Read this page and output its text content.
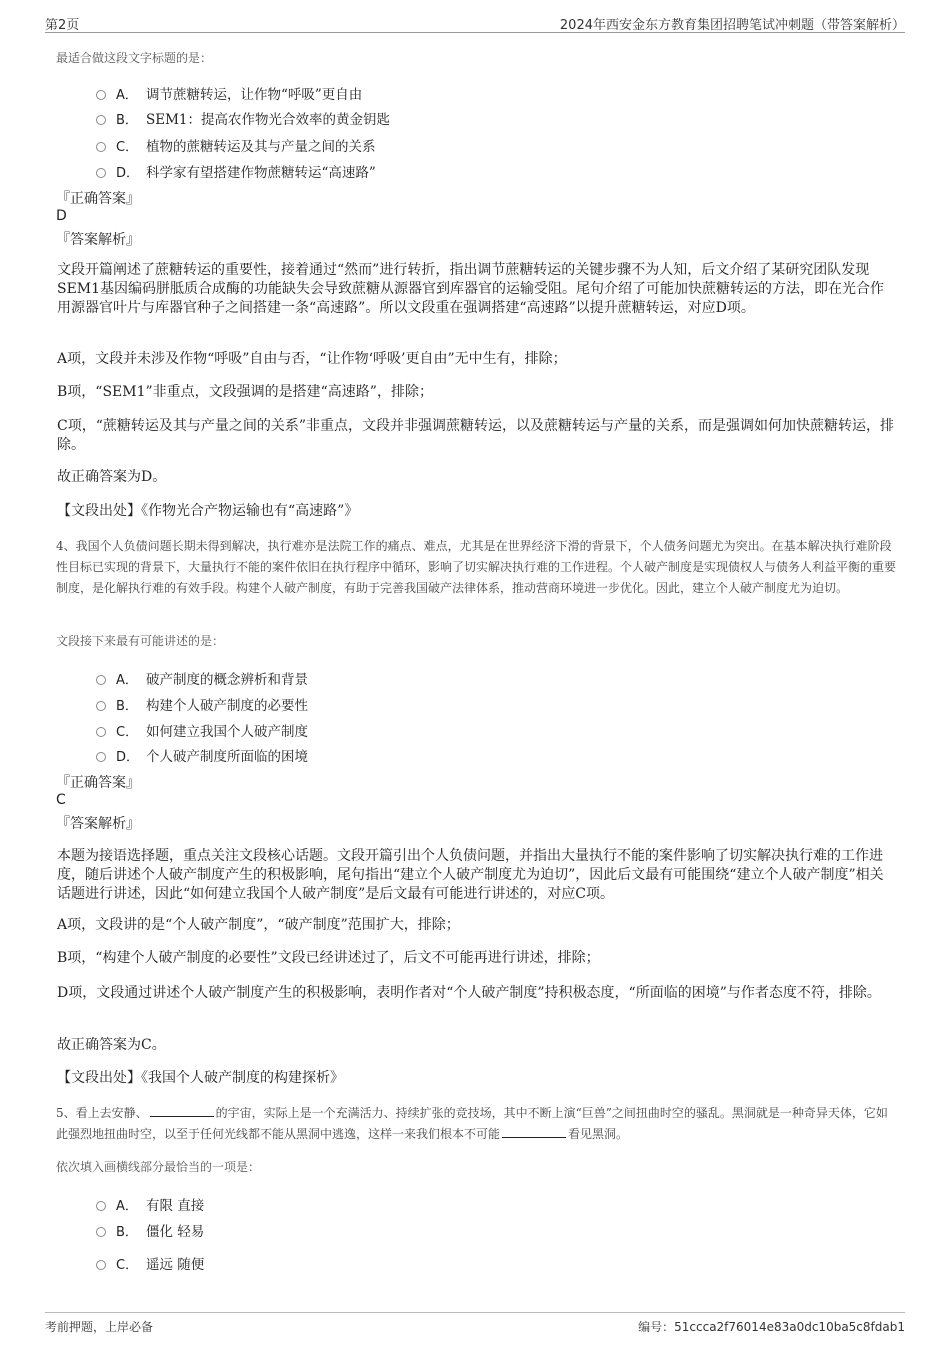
第2页	2024年西安金东方教育集团招聘笔试冲刺题（带答案解析）
最适合做这段文字标题的是：
A． 调节蔗糖转运，让作物“呼吸”更自由
B． SEM1：提高农作物光合效率的黄金钥匙
C． 植物的蔗糖转运及其与产量之间的关系
D． 科学家有望搭建作物蔗糖转运“高速路”
『正确答案』
D
『答案解析』
文段开篇阐述了蔗糖转运的重要性，接着通过“然而”进行转折，指出调节蔗糖转运的关键步骤不为人知，后文介绍了某研究团队发现SEM1基因编码胼胝质合成酶的功能缺失会导致蔗糖从源器官到库器官的运输受阻。尾句介绍了可能加快蔗糖转运的方法，即在光合作用源器官叶片与库器官种子之间搭建一条“高速路”。所以文段重在强调搭建“高速路”以提升蔗糖转运，对应D项。
A项，文段并未涉及作物“呼吸”自由与否，“让作物‘呼吸’更自由”无中生有，排除；
B项，“SEM1”非重点，文段强调的是搭建“高速路”，排除；
C项，“蔗糖转运及其与产量之间的关系”非重点，文段并非强调蔗糖转运，以及蔗糖转运与产量的关系，而是强调如何加快蔗糖转运，排除。
故正确答案为D。
【文段出处】《作物光合产物运输也有“高速路”》
4、我国个人负债问题长期未得到解决，执行难亦是法院工作的痛点、难点，尤其是在世界经济下滑的背景下，个人债务问题尤为突出。在基本解决执行难阶段性目标已实现的背景下，大量执行不能的案件依旧在执行程序中循环，影响了切实解决执行难的工作进程。个人破产制度是实现债权人与债务人利益平衡的重要制度，是化解执行难的有效手段。构建个人破产制度，有助于完善我国破产法律体系，推动营商环境进一步优化。因此，建立个人破产制度尤为迫切。
文段接下来最有可能讲述的是：
A． 破产制度的概念辨析和背景
B． 构建个人破产制度的必要性
C． 如何建立我国个人破产制度
D． 个人破产制度所面临的困境
『正确答案』
C
『答案解析』
本题为接语选择题，重点关注文段核心话题。文段开篇引出个人负债问题，并指出大量执行不能的案件影响了切实解决执行难的工作进度，随后讲述个人破产制度产生的积极影响，尾句指出“建立个人破产制度尤为迫切”，因此后文最有可能围绕“建立个人破产制度”相关话题进行讲述，因此“如何建立我国个人破产制度”是后文最有可能进行讲述的，对应C项。
A项，文段讲的是“个人破产制度”，“破产制度”范围扩大，排除；
B项，“构建个人破产制度的必要性”文段已经讲述过了，后文不可能再进行讲述，排除；
D项，文段通过讲述个人破产制度产生的积极影响，表明作者对“个人破产制度”持积极态度，“所面临的困境”与作者态度不符，排除。
故正确答案为C。
【文段出处】《我国个人破产制度的构建探析》
5、看上去安静、	的宇宙，实际上是一个充满活力、持续扩张的竞技场，其中不断上演“巨兽”之间扭曲时空的骚乱。黑洞就是一种奇异天体，它如此强烈地扭曲时空，以至于任何光线都不能从黑洞中逃逸，这样一来我们根本不可能	看见黑洞。
依次填入画横线部分最恰当的一项是：
A． 有限 直接
B． 僵化 轻易
C． 遥远 随便
考前押题，上岸必备	编号：51ccca2f76014e83a0dc10ba5c8fdab1
